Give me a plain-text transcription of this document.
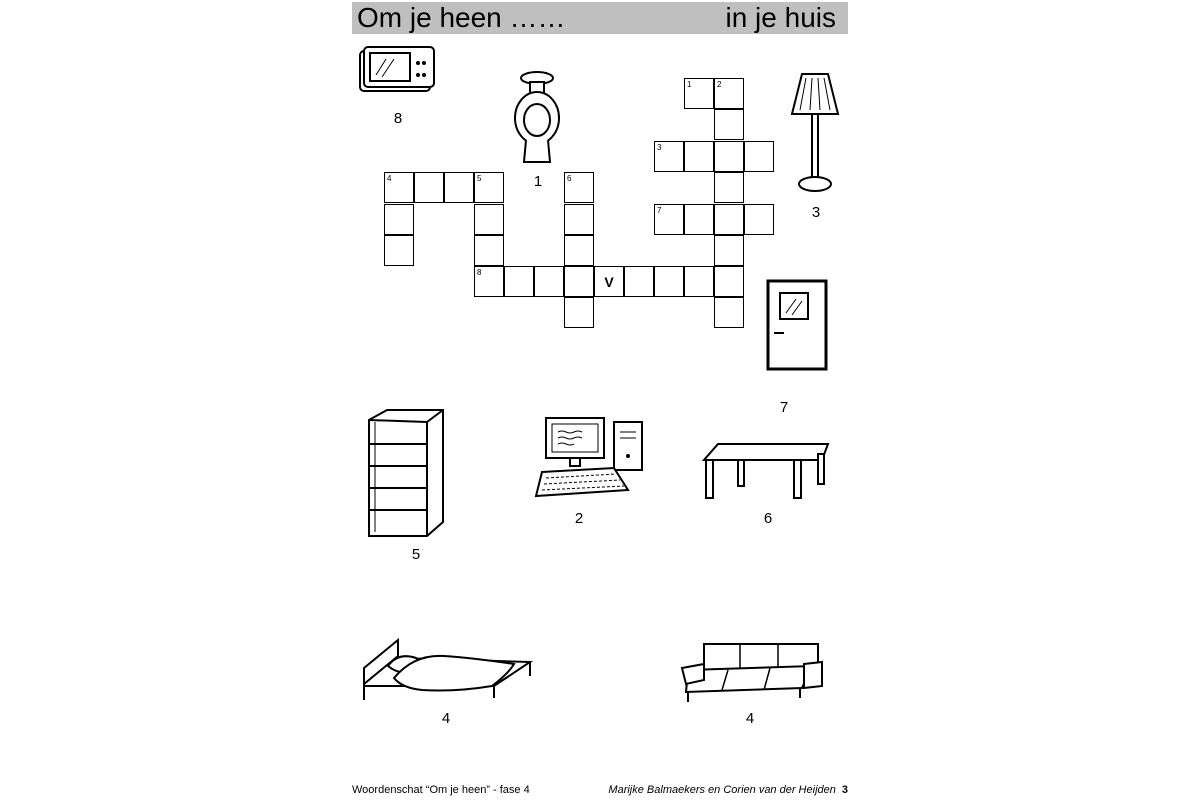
Om je heen ……	in je huis
1	2
3
4	5	6
7
8
V
8
1
3
7
5
2	6
4	4
Woordenschat “Om je heen” - fase 4	Marijke Balmaekers en Corien van der Heijden 3
